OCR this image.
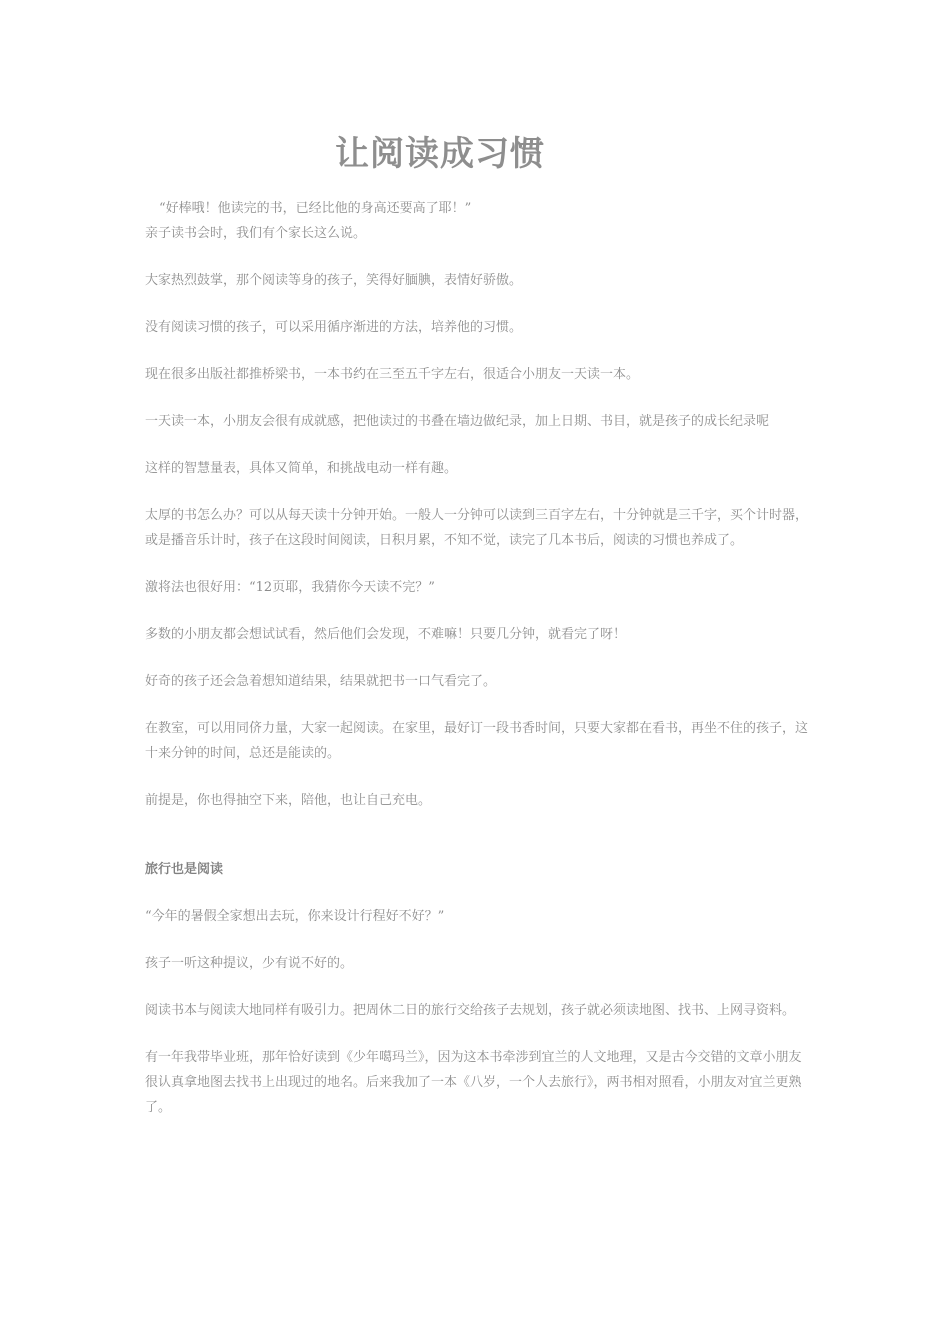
让阅读成习惯

“好棒哦！他读完的书，已经比他的身高还要高了耶！”

亲子读书会时，我们有个家长这么说。

大家热烈鼓掌，那个阅读等身的孩子，笑得好腼腆，表情好骄傲。

没有阅读习惯的孩子，可以采用循序渐进的方法，培养他的习惯。

现在很多出版社都推桥梁书，一本书约在三至五千字左右，很适合小朋友一天读一本。

一天读一本，小朋友会很有成就感，把他读过的书叠在墙边做纪录，加上日期、书目，就是孩子的成长纪录呢

这样的智慧量表，具体又简单，和挑战电动一样有趣。

太厚的书怎么办？可以从每天读十分钟开始。一般人一分钟可以读到三百字左右，十分钟就是三千字，买个计时器，或是播音乐计时，孩子在这段时间阅读，日积月累，不知不觉，读完了几本书后，阅读的习惯也养成了。

激将法也很好用：“12页耶，我猜你今天读不完？”

多数的小朋友都会想试试看，然后他们会发现，不难嘛！只要几分钟，就看完了呀！

好奇的孩子还会急着想知道结果，结果就把书一口气看完了。

在教室，可以用同侪力量，大家一起阅读。在家里，最好订一段书香时间，只要大家都在看书，再坐不住的孩子，这十来分钟的时间，总还是能读的。

前提是，你也得抽空下来，陪他，也让自己充电。

旅行也是阅读

“今年的暑假全家想出去玩，你来设计行程好不好？”

孩子一听这种提议，少有说不好的。

阅读书本与阅读大地同样有吸引力。把周休二日的旅行交给孩子去规划，孩子就必须读地图、找书、上网寻资料。

有一年我带毕业班，那年恰好读到《少年噶玛兰》，因为这本书牵涉到宜兰的人文地理，又是古今交错的文章小朋友很认真拿地图去找书上出现过的地名。后来我加了一本《八岁，一个人去旅行》，两书相对照看，小朋友对宜兰更熟了。
